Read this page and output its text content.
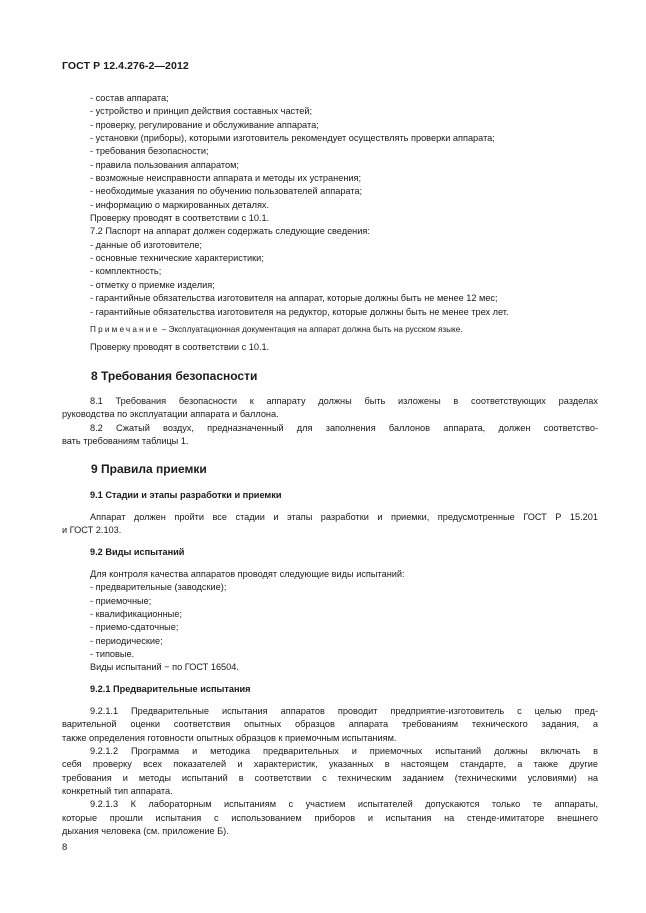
ГОСТ Р 12.4.276-2—2012
- состав аппарата;
- устройство и принцип действия составных частей;
- проверку, регулирование и обслуживание аппарата;
- установки (приборы), которыми изготовитель рекомендует осуществлять проверки аппарата;
- требования безопасности;
- правила пользования аппаратом;
- возможные неисправности аппарата и методы их устранения;
- необходимые указания по обучению пользователей аппарата;
- информацию о маркированных деталях.
Проверку проводят в соответствии с 10.1.
7.2 Паспорт на аппарат должен содержать следующие сведения:
- данные об изготовителе;
- основные технические характеристики;
- комплектность;
- отметку о приемке изделия;
- гарантийные обязательства изготовителя на аппарат, которые должны быть не менее 12 мес;
- гарантийные обязательства изготовителя на редуктор, которые должны быть не менее трех лет.
Примечание – Эксплуатационная документация на аппарат должна быть на русском языке.
Проверку проводят в соответствии с 10.1.
8 Требования безопасности
8.1 Требования безопасности к аппарату должны быть изложены в соответствующих разделах
руководства по эксплуатации аппарата и баллона.
8.2 Сжатый воздух, предназначенный для заполнения баллонов аппарата, должен соответство-
вать требованиям таблицы 1.
9 Правила приемки
9.1 Стадии и этапы разработки и приемки
Аппарат должен пройти все стадии и этапы разработки и приемки, предусмотренные ГОСТ Р 15.201
и ГОСТ 2.103.
9.2 Виды испытаний
Для контроля качества аппаратов проводят следующие виды испытаний:
- предварительные (заводские);
- приемочные;
- квалификационные;
- приемо-сдаточные;
- периодические;
- типовые.
Виды испытаний − по ГОСТ 16504.
9.2.1 Предварительные испытания
9.2.1.1 Предварительные испытания аппаратов проводит предприятие-изготовитель с целью пред-
варительной оценки соответствия опытных образцов аппарата требованиям технического задания, а
также определения готовности опытных образцов к приемочным испытаниям.
9.2.1.2 Программа и методика предварительных и приемочных испытаний должны включать в
себя проверку всех показателей и характеристик, указанных в настоящем стандарте, а также другие
требования и методы испытаний в соответствии с техническим заданием (техническими условиями) на
конкретный тип аппарата.
9.2.1.3 К лабораторным испытаниям с участием испытателей допускаются только те аппараты,
которые прошли испытания с использованием приборов и испытания на стенде-имитаторе внешнего
дыхания человека (см. приложение Б).
8
